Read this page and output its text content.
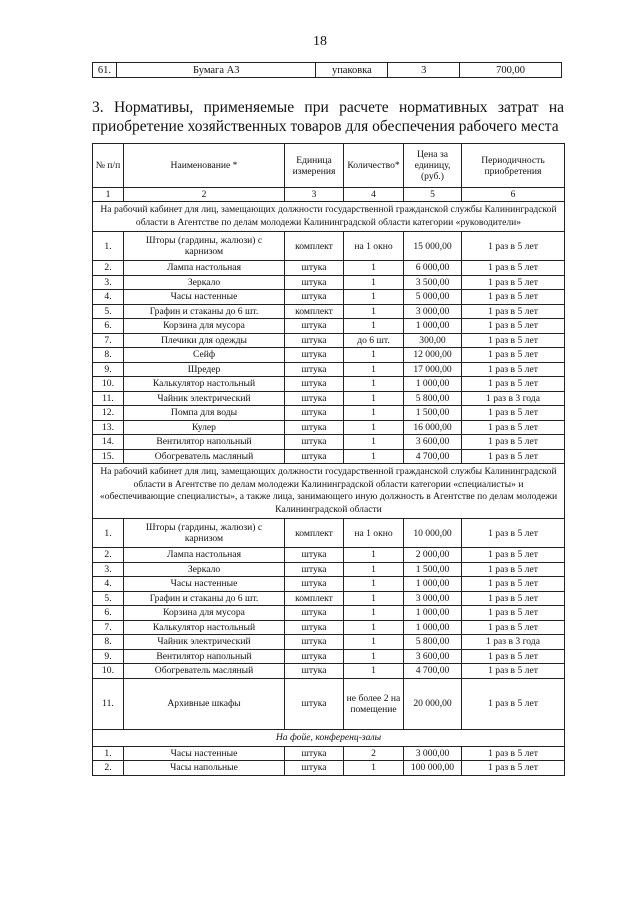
18
61.	Бумага А3	упаковка	3	700,00
3. Нормативы, применяемые при расчете нормативных затрат на приобретение хозяйственных товаров для обеспечения рабочего места
№ п/п	Наименование *	Единица измерения	Количество*	Цена за единицу, (руб.)	Периодичность приобретения
1	2	3	4	5	6
На рабочий кабинет для лиц, замещающих должности государственной гражданской службы Калининградской области в Агентстве по делам молодежи Калининградской области категории «руководители»					
1.	Шторы (гардины, жалюзи) с карнизом	комплект	на 1 окно	15 000,00	1 раз в 5 лет
2.	Лампа настольная	штука	1	6 000,00	1 раз в 5 лет
3.	Зеркало	штука	1	3 500,00	1 раз в 5 лет
4.	Часы настенные	штука	1	5 000,00	1 раз в 5 лет
5.	Графин и стаканы до 6 шт.	комплект	1	3 000,00	1 раз в 5 лет
6.	Корзина для мусора	штука	1	1 000,00	1 раз в 5 лет
7.	Плечики для одежды	штука	до 6 шт.	300,00	1 раз в 5 лет
8.	Сейф	штука	1	12 000,00	1 раз в 5 лет
9.	Шредер	штука	1	17 000,00	1 раз в 5 лет
10.	Калькулятор настольный	штука	1	1 000,00	1 раз в 5 лет
11.	Чайник электрический	штука	1	5 800,00	1 раз в 3 года
12.	Помпа для воды	штука	1	1 500,00	1 раз в 5 лет
13.	Кулер	штука	1	16 000,00	1 раз в 5 лет
14.	Вентилятор напольный	штука	1	3 600,00	1 раз в 5 лет
15.	Обогреватель масляный	штука	1	4 700,00	1 раз в 5 лет
На рабочий кабинет для лиц, замещающих должности государственной гражданской службы Калининградской области в Агентстве по делам молодежи Калининградской области категории «специалисты» и «обеспечивающие специалисты», а также лица, занимающего иную должность в Агентстве по делам молодежи Калининградской области					
1.	Шторы (гардины, жалюзи) с карнизом	комплект	на 1 окно	10 000,00	1 раз в 5 лет
2.	Лампа настольная	штука	1	2 000,00	1 раз в 5 лет
3.	Зеркало	штука	1	1 500,00	1 раз в 5 лет
4.	Часы настенные	штука	1	1 000,00	1 раз в 5 лет
5.	Графин и стаканы до 6 шт.	комплект	1	3 000,00	1 раз в 5 лет
6.	Корзина для мусора	штука	1	1 000,00	1 раз в 5 лет
7.	Калькулятор настольный	штука	1	1 000,00	1 раз в 5 лет
8.	Чайник электрический	штука	1	5 800,00	1 раз в 3 года
9.	Вентилятор напольный	штука	1	3 600,00	1 раз в 5 лет
10.	Обогреватель масляный	штука	1	4 700,00	1 раз в 5 лет
11.	Архивные шкафы	штука	не более 2 на помещение	20 000,00	1 раз в 5 лет
На фойе, конференц-залы					
1.	Часы настенные	штука	2	3 000,00	1 раз в 5 лет
2.	Часы напольные	штука	1	100 000,00	1 раз в 5 лет
